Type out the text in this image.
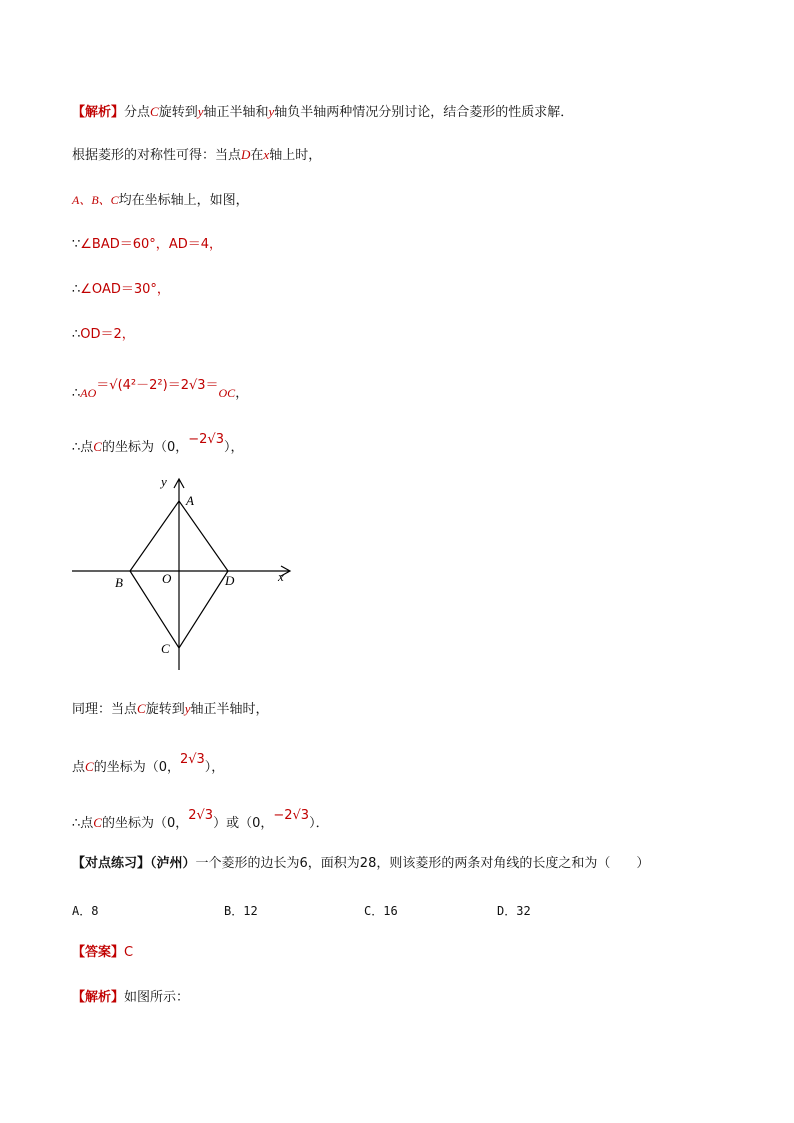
【解析】分点C旋转到y轴正半轴和y轴负半轴两种情况分别讨论，结合菱形的性质求解．
根据菱形的对称性可得：当点D在x轴上时，
A、B、C均在坐标轴上，如图，
∵∠BAD＝60°，AD＝4，
∴∠OAD＝30°，
∴OD＝2，
∴AO＝√(4²－2²)＝2√3＝OC，
∴点C的坐标为（0，−2√3），
y
A
B	O	D	x
C
同理：当点C旋转到y轴正半轴时，
点C的坐标为（0，2√3），
∴点C的坐标为（0，2√3）或（0，−2√3）．
【对点练习】（泸州）一个菱形的边长为6，面积为28，则该菱形的两条对角线的长度之和为（　　）
A．8	B．12	C．16	D．32
【答案】C
【解析】如图所示：
